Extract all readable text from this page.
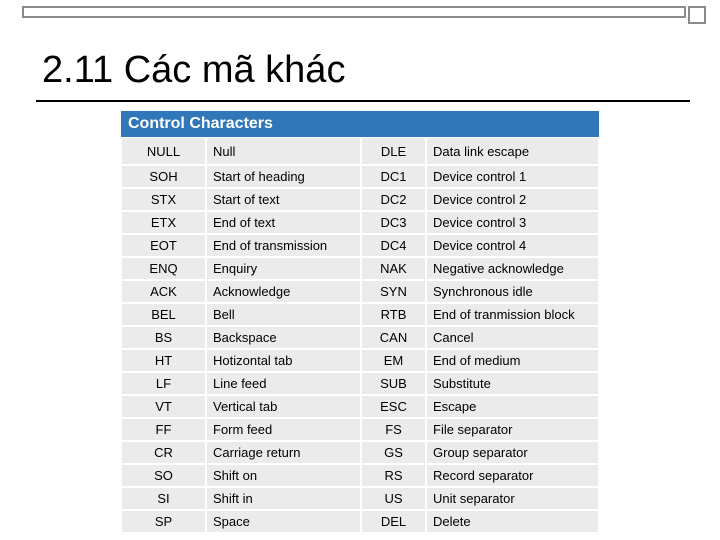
2.11 Các mã khác
Control Characters
NULL	Null	DLE	Data link escape
SOH	Start of heading	DC1	Device control 1
STX	Start of text	DC2	Device control 2
ETX	End of text	DC3	Device control 3
EOT	End of transmission	DC4	Device control 4
ENQ	Enquiry	NAK	Negative acknowledge
ACK	Acknowledge	SYN	Synchronous idle
BEL	Bell	RTB	End of tranmission block
BS	Backspace	CAN	Cancel
HT	Hotizontal tab	EM	End of medium
LF	Line feed	SUB	Substitute
VT	Vertical tab	ESC	Escape
FF	Form feed	FS	File separator
CR	Carriage return	GS	Group separator
SO	Shift on	RS	Record separator
SI	Shift in	US	Unit separator
SP	Space	DEL	Delete
